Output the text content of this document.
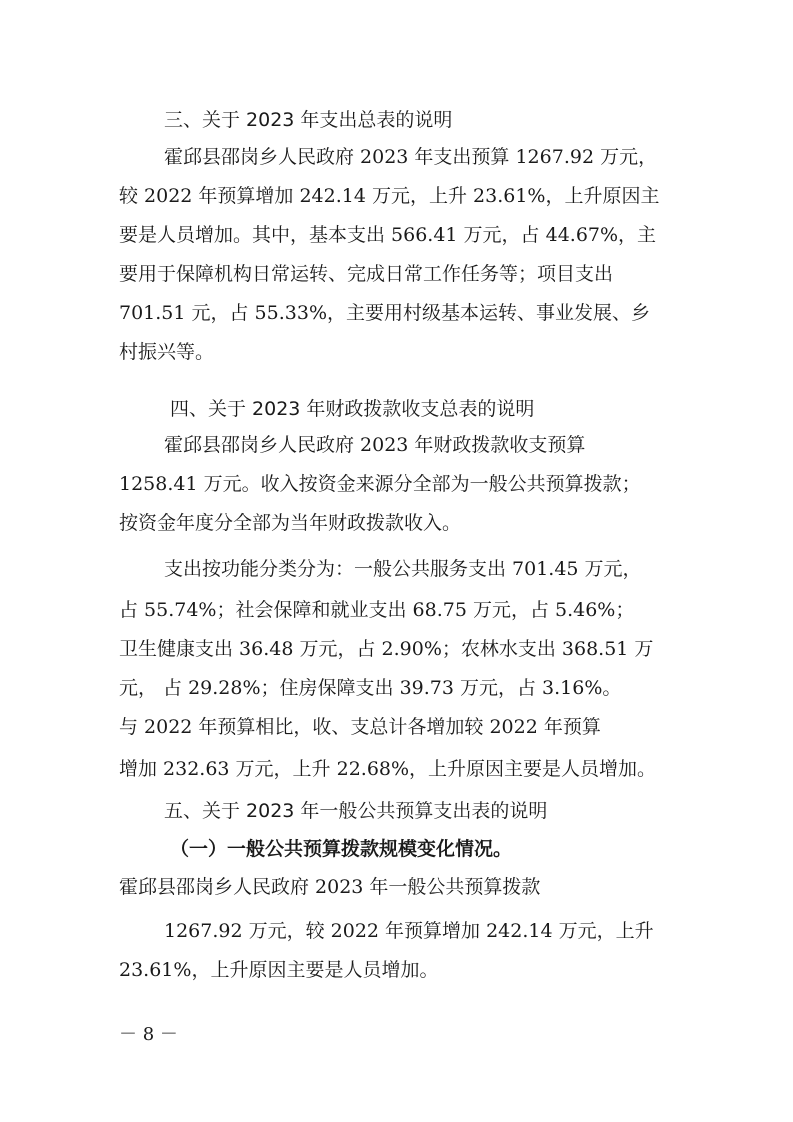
三、关于 2023 年支出总表的说明
霍邱县邵岗乡人民政府 2023 年支出预算 1267.92 万元，
较 2022 年预算增加 242.14 万元，上升 23.61%，上升原因主
要是人员增加。其中，基本支出 566.41 万元，占 44.67%，主
要用于保障机构日常运转、完成日常工作任务等；项目支出
701.51 元，占 55.33%，主要用村级基本运转、事业发展、乡
村振兴等。
四、关于 2023 年财政拨款收支总表的说明
霍邱县邵岗乡人民政府 2023 年财政拨款收支预算
1258.41 万元。收入按资金来源分全部为一般公共预算拨款；
按资金年度分全部为当年财政拨款收入。
支出按功能分类分为：一般公共服务支出 701.45 万元，
占 55.74%；社会保障和就业支出 68.75 万元，占 5.46%；
卫生健康支出 36.48 万元，占 2.90%；农林水支出 368.51 万
元， 占 29.28%；住房保障支出 39.73 万元，占 3.16%。
与 2022 年预算相比，收、支总计各增加较 2022 年预算
增加 232.63 万元，上升 22.68%，上升原因主要是人员增加。
五、关于 2023 年一般公共预算支出表的说明
（一）一般公共预算拨款规模变化情况。
霍邱县邵岗乡人民政府 2023 年一般公共预算拨款
1267.92 万元，较 2022 年预算增加 242.14 万元，上升
23.61%，上升原因主要是人员增加。
－ 8 －
